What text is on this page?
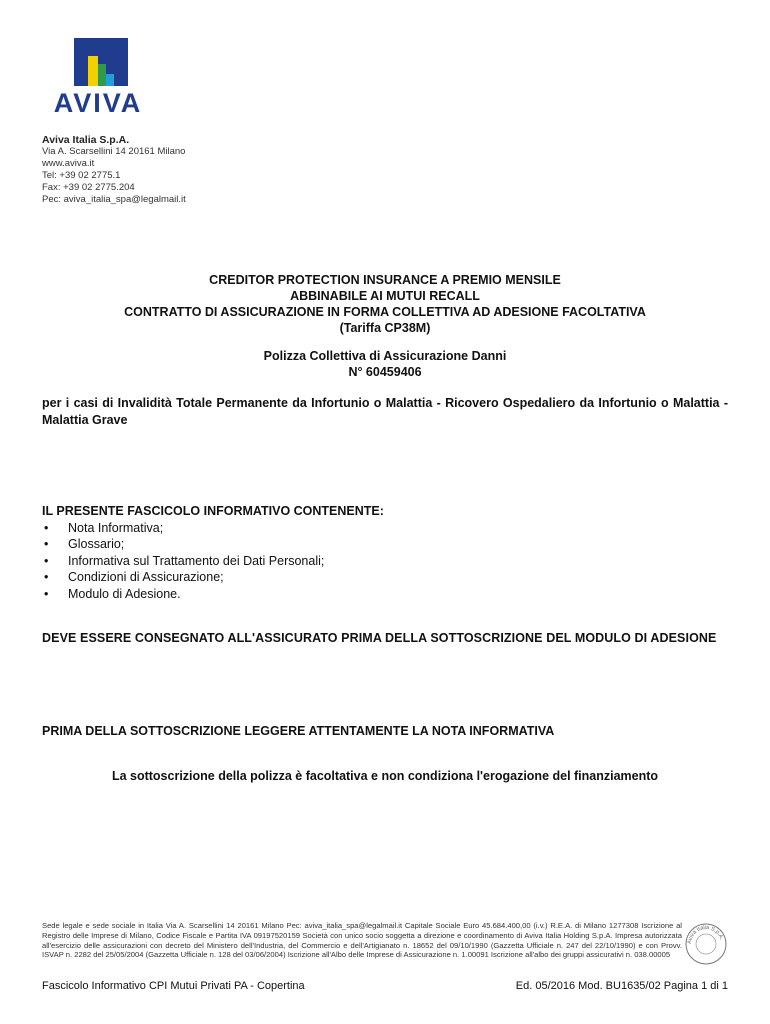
AVIVA
Aviva Italia S.p.A.
Via A. Scarsellini 14 20161 Milano
www.aviva.it
Tel: +39 02 2775.1
Fax: +39 02 2775.204
Pec: aviva_italia_spa@legalmail.it
CREDITOR PROTECTION INSURANCE A PREMIO MENSILE
ABBINABILE AI MUTUI RECALL
CONTRATTO DI ASSICURAZIONE IN FORMA COLLETTIVA AD ADESIONE FACOLTATIVA
(Tariffa CP38M)
Polizza Collettiva di Assicurazione Danni
N° 60459406
per i casi di Invalidità Totale Permanente da Infortunio o Malattia - Ricovero Ospedaliero da Infortunio o Malattia - Malattia Grave
IL PRESENTE FASCICOLO INFORMATIVO CONTENENTE:
• Nota Informativa;
• Glossario;
• Informativa sul Trattamento dei Dati Personali;
• Condizioni di Assicurazione;
• Modulo di Adesione.
DEVE ESSERE CONSEGNATO ALL'ASSICURATO PRIMA DELLA SOTTOSCRIZIONE DEL MODULO DI ADESIONE
PRIMA DELLA SOTTOSCRIZIONE LEGGERE ATTENTAMENTE LA NOTA INFORMATIVA
La sottoscrizione della polizza è facoltativa e non condiziona l'erogazione del finanziamento
Sede legale e sede sociale in Italia Via A. Scarsellini 14 20161 Milano Pec: aviva_italia_spa@legalmail.it Capitale Sociale Euro 45.684.400,00 (i.v.) R.E.A. di Milano 1277308 Iscrizione al Registro delle Imprese di Milano, Codice Fiscale e Partita IVA 09197520159 Società con unico socio soggetta a direzione e coordinamento di Aviva Italia Holding S.p.A. Impresa autorizzata all'esercizio delle assicurazioni con decreto del Ministero dell'Industria, del Commercio e dell'Artigianato n. 18652 del 09/10/1990 (Gazzetta Ufficiale n. 247 del 22/10/1990) e con Provv. ISVAP n. 2282 del 25/05/2004 (Gazzetta Ufficiale n. 128 del 03/06/2004) Iscrizione all'Albo delle Imprese di Assicurazione n. 1.00091 Iscrizione all'albo dei gruppi assicurativi n. 038.00005
Aviva Italia S.p.A.
Fascicolo Informativo CPI Mutui Privati PA - Copertina	Ed. 05/2016 Mod. BU1635/02 Pagina 1 di 1
